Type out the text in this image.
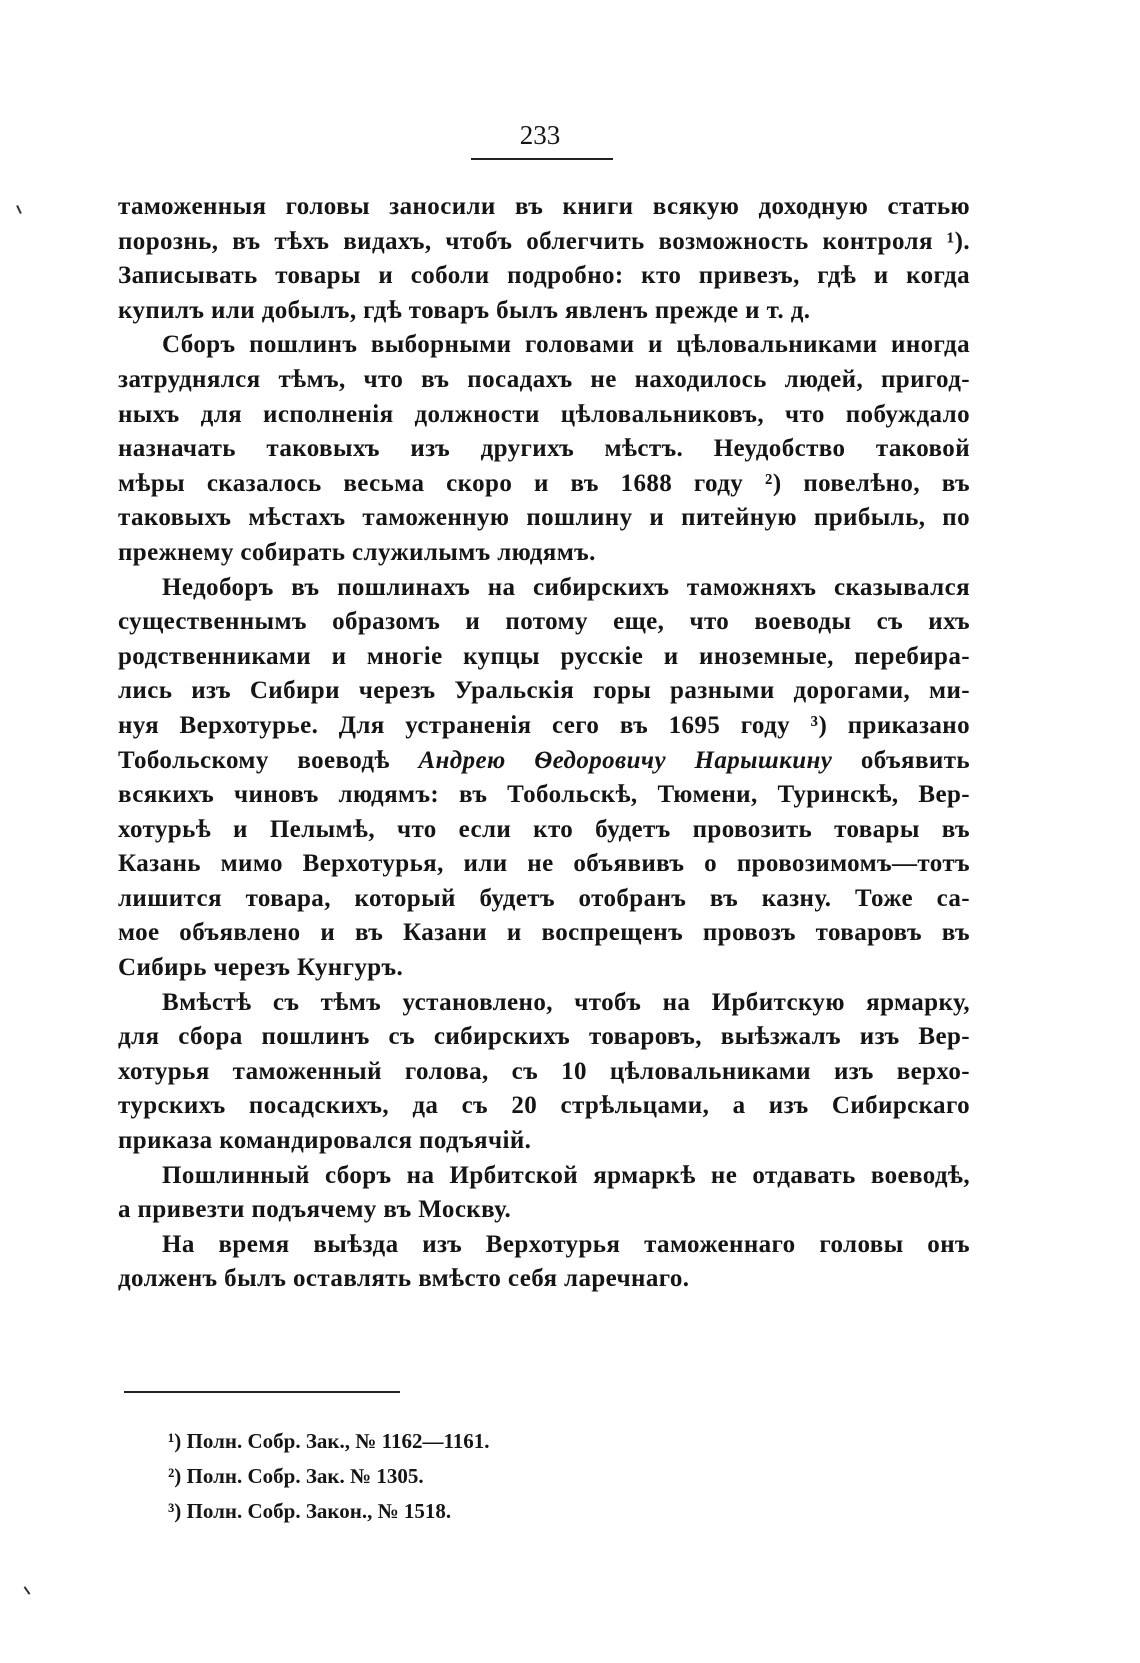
233

таможенныя головы заносили въ книги всякую доходную статью
порознь, въ тѣхъ видахъ, чтобъ облегчить возможность контроля ¹).
Записывать товары и соболи подробно: кто привезъ, гдѣ и когда
купилъ или добылъ, гдѣ товаръ былъ явленъ прежде и т. д.

Сборъ пошлинъ выборными головами и цѣловальниками иногда
затруднялся тѣмъ, что въ посадахъ не находилось людей, пригод-
ныхъ для исполненія должности цѣловальниковъ, что побуждало
назначать таковыхъ изъ другихъ мѣстъ. Неудобство таковой
мѣры сказалось весьма скоро и въ 1688 году ²) повелѣно, въ
таковыхъ мѣстахъ таможенную пошлину и питейную прибыль, по
прежнему собирать служилымъ людямъ.

Недоборъ въ пошлинахъ на сибирскихъ таможняхъ сказывался
существеннымъ образомъ и потому еще, что воеводы съ ихъ
родственниками и многіе купцы русскіе и иноземные, перебира-
лись изъ Сибири черезъ Уральскія горы разными дорогами, ми-
нуя Верхотурье. Для устраненія сего въ 1695 году ³) приказано
Тобольскому воеводѣ Андрею Ѳедоровичу Нарышкину объявить
всякихъ чиновъ людямъ: въ Тобольскѣ, Тюмени, Туринскѣ, Вер-
хотурьѣ и Пелымѣ, что если кто будетъ провозить товары въ
Казань мимо Верхотурья, или не объявивъ о провозимомъ—тотъ
лишится товара, который будетъ отобранъ въ казну. Тоже са-
мое объявлено и въ Казани и воспрещенъ провозъ товаровъ въ
Сибирь черезъ Кунгуръ.

Вмѣстѣ съ тѣмъ установлено, чтобъ на Ирбитскую ярмарку,
для сбора пошлинъ съ сибирскихъ товаровъ, выѣзжалъ изъ Вер-
хотурья таможенный голова, съ 10 цѣловальниками изъ верхо-
турскихъ посадскихъ, да съ 20 стрѣльцами, а изъ Сибирскаго
приказа командировался подъячій.

Пошлинный сборъ на Ирбитской ярмаркѣ не отдавать воеводѣ,
а привезти подъячему въ Москву.

На время выѣзда изъ Верхотурья таможеннаго головы онъ
долженъ былъ оставлять вмѣсто себя ларечнаго.

¹) Полн. Собр. Зак., № 1162—1161.
²) Полн. Собр. Зак. № 1305.
³) Полн. Собр. Закон., № 1518.
